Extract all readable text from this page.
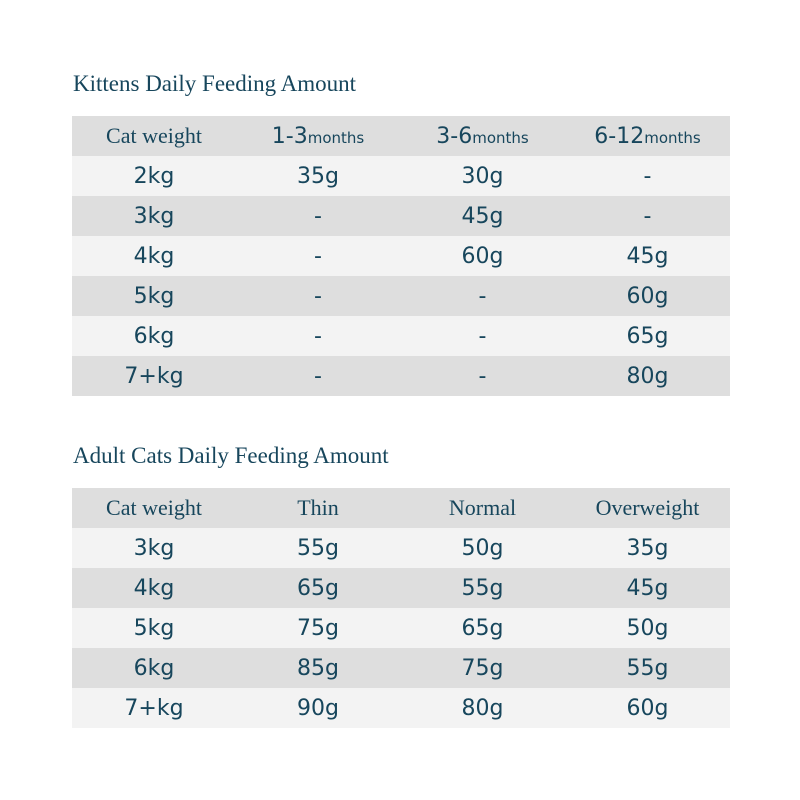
Kittens Daily Feeding Amount
Cat weight	1-3months	3-6months	6-12months
2kg	35g	30g	-
3kg	-	45g	-
4kg	-	60g	45g
5kg	-	-	60g
6kg	-	-	65g
7+kg	-	-	80g
Adult Cats Daily Feeding Amount
Cat weight	Thin	Normal	Overweight
3kg	55g	50g	35g
4kg	65g	55g	45g
5kg	75g	65g	50g
6kg	85g	75g	55g
7+kg	90g	80g	60g
